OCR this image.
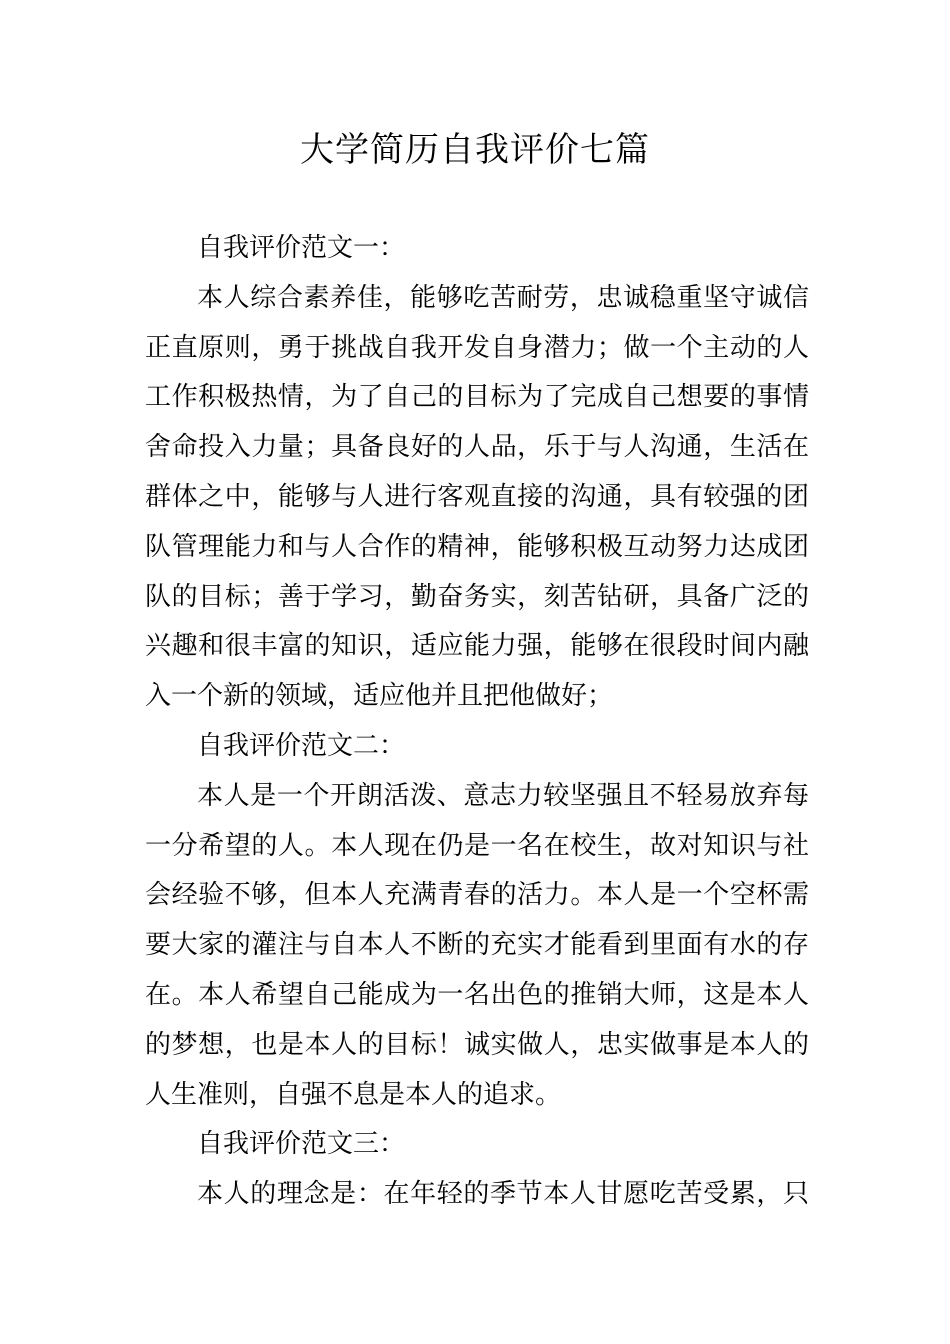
大学简历自我评价七篇
自我评价范文一：
本人综合素养佳，能够吃苦耐劳，忠诚稳重坚守诚信
正直原则，勇于挑战自我开发自身潜力；做一个主动的人
工作积极热情，为了自己的目标为了完成自己想要的事情
舍命投入力量；具备良好的人品，乐于与人沟通，生活在
群体之中，能够与人进行客观直接的沟通，具有较强的团
队管理能力和与人合作的精神，能够积极互动努力达成团
队的目标；善于学习，勤奋务实，刻苦钻研，具备广泛的
兴趣和很丰富的知识，适应能力强，能够在很段时间内融
入一个新的领域，适应他并且把他做好；
自我评价范文二：
本人是一个开朗活泼、意志力较坚强且不轻易放弃每
一分希望的人。本人现在仍是一名在校生，故对知识与社
会经验不够，但本人充满青春的活力。本人是一个空杯需
要大家的灌注与自本人不断的充实才能看到里面有水的存
在。本人希望自己能成为一名出色的推销大师，这是本人
的梦想，也是本人的目标！诚实做人，忠实做事是本人的
人生准则，自强不息是本人的追求。
自我评价范文三：
本人的理念是：在年轻的季节本人甘愿吃苦受累，只
